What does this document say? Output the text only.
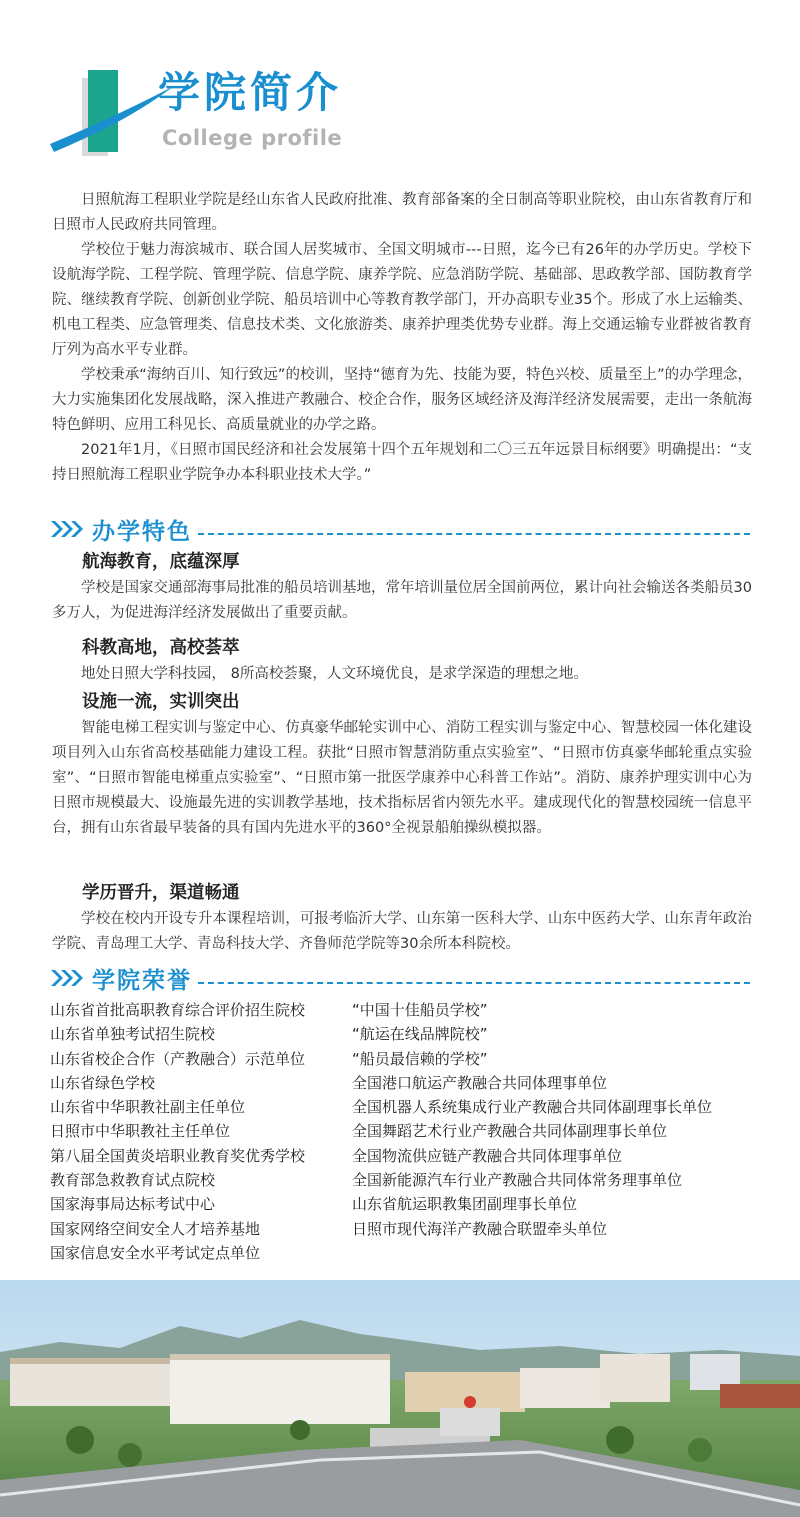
学院简介
College profile

日照航海工程职业学院是经山东省人民政府批准、教育部备案的全日制高等职业院校，由山东省教育厅和日照市人民政府共同管理。

学校位于魅力海滨城市、联合国人居奖城市、全国文明城市---日照，迄今已有26年的办学历史。学校下设航海学院、工程学院、管理学院、信息学院、康养学院、应急消防学院、基础部、思政教学部、国防教育学院、继续教育学院、创新创业学院、船员培训中心等教育教学部门，开办高职专业35个。形成了水上运输类、机电工程类、应急管理类、信息技术类、文化旅游类、康养护理类优势专业群。海上交通运输专业群被省教育厅列为高水平专业群。

学校秉承“海纳百川、知行致远”的校训，坚持“德育为先、技能为要，特色兴校、质量至上”的办学理念，大力实施集团化发展战略，深入推进产教融合、校企合作，服务区域经济及海洋经济发展需要，走出一条航海特色鲜明、应用工科见长、高质量就业的办学之路。

2021年1月，《日照市国民经济和社会发展第十四个五年规划和二〇三五年远景目标纲要》明确提出：“支持日照航海工程职业学院争办本科职业技术大学。”

办学特色
航海教育，底蕴深厚

学校是国家交通部海事局批准的船员培训基地，常年培训量位居全国前两位，累计向社会输送各类船员30多万人，为促进海洋经济发展做出了重要贡献。

科教高地，高校荟萃

地处日照大学科技园， 8所高校荟聚，人文环境优良，是求学深造的理想之地。

设施一流，实训突出

智能电梯工程实训与鉴定中心、仿真豪华邮轮实训中心、消防工程实训与鉴定中心、智慧校园一体化建设项目列入山东省高校基础能力建设工程。获批“日照市智慧消防重点实验室”、“日照市仿真豪华邮轮重点实验室”、“日照市智能电梯重点实验室”、“日照市第一批医学康养中心科普工作站”。消防、康养护理实训中心为日照市规模最大、设施最先进的实训教学基地，技术指标居省内领先水平。建成现代化的智慧校园统一信息平台，拥有山东省最早装备的具有国内先进水平的360°全视景船舶操纵模拟器。

学历晋升，渠道畅通

学校在校内开设专升本课程培训，可报考临沂大学、山东第一医科大学、山东中医药大学、山东青年政治学院、青岛理工大学、青岛科技大学、齐鲁师范学院等30余所本科院校。

学院荣誉
山东省首批高职教育综合评价招生院校
山东省单独考试招生院校
山东省校企合作（产教融合）示范单位
山东省绿色学校
山东省中华职教社副主任单位
日照市中华职教社主任单位
第八届全国黄炎培职业教育奖优秀学校
教育部急救教育试点院校
国家海事局达标考试中心
国家网络空间安全人才培养基地
国家信息安全水平考试定点单位
“中国十佳船员学校”
“航运在线品牌院校”
“船员最信赖的学校”
全国港口航运产教融合共同体理事单位
全国机器人系统集成行业产教融合共同体副理事长单位
全国舞蹈艺术行业产教融合共同体副理事长单位
全国物流供应链产教融合共同体理事单位
全国新能源汽车行业产教融合共同体常务理事单位
山东省航运职教集团副理事长单位
日照市现代海洋产教融合联盟牵头单位
